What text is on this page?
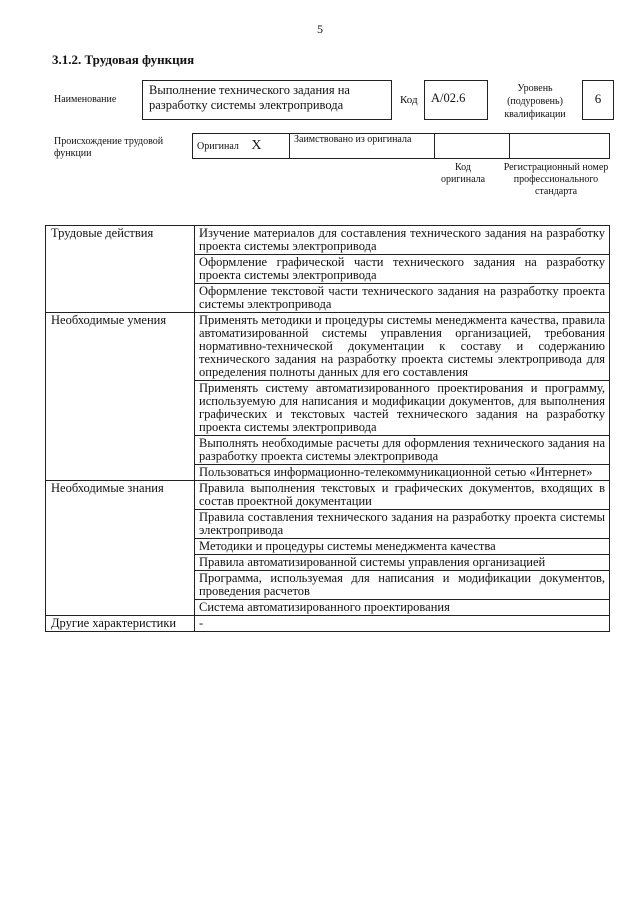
5
3.1.2. Трудовая функция
Наименование
Выполнение технического задания на разработку системы электропривода	Код	A/02.6
Уровень (подуровень) квалификации
6
Происхождение трудовой функции
Оригинал X	Заимствовано из оригинала		
Код оригинала
Регистрационный номер профессионального стандарта
Трудовые действия	Изучение материалов для составления технического задания на разработку проекта системы электропривода
	Оформление графической части технического задания на разработку проекта системы электропривода
	Оформление текстовой части технического задания на разработку проекта системы электропривода
Необходимые умения	Применять методики и процедуры системы менеджмента качества, правила автоматизированной системы управления организацией, требования нормативно-технической документации к составу и содержанию технического задания на разработку проекта системы электропривода для определения полноты данных для его составления
	Применять систему автоматизированного проектирования и программу, используемую для написания и модификации документов, для выполнения графических и текстовых частей технического задания на разработку проекта системы электропривода
	Выполнять необходимые расчеты для оформления технического задания на разработку проекта системы электропривода
	Пользоваться информационно-телекоммуникационной сетью «Интернет»
Необходимые знания	Правила выполнения текстовых и графических документов, входящих в состав проектной документации
	Правила составления технического задания на разработку проекта системы электропривода
	Методики и процедуры системы менеджмента качества
	Правила автоматизированной системы управления организацией
	Программа, используемая для написания и модификации документов, проведения расчетов
	Система автоматизированного проектирования
Другие характеристики	-
